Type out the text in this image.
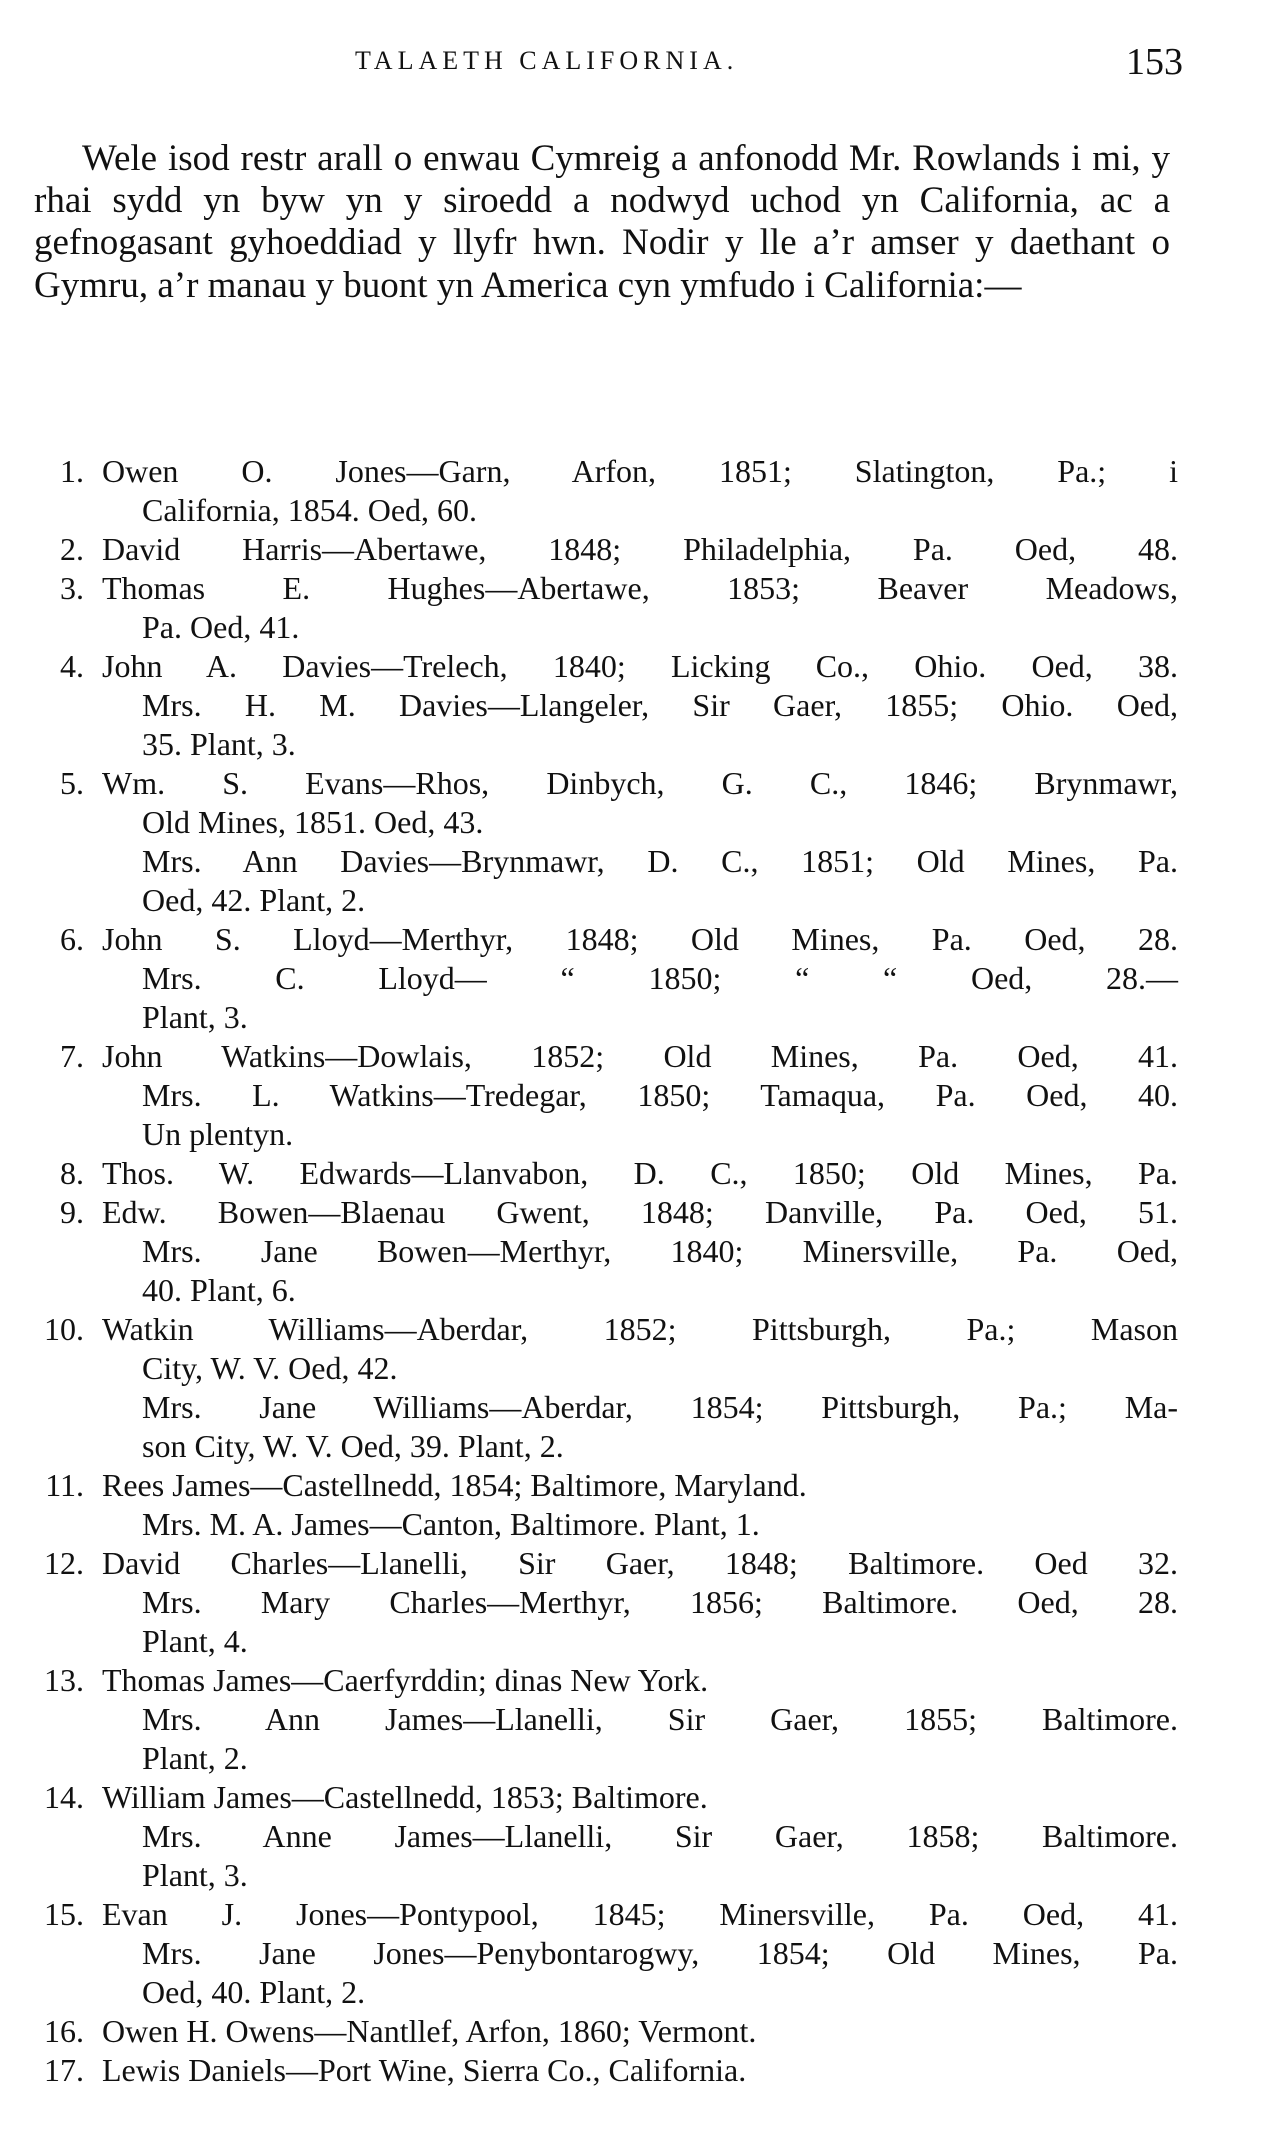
TALAETH CALIFORNIA.	153

Wele isod restr arall o enwau Cymreig a anfonodd Mr. Rowlands i mi, y rhai sydd yn byw yn y siroedd a nodwyd uchod yn California, ac a gefnogasant gyhoeddiad y llyfr hwn. Nodir y lle a’r amser y daethant o Gymru, a’r manau y buont yn America cyn ymfudo i California:—

1. Owen O. Jones—Garn, Arfon, 1851; Slatington, Pa.; i
California, 1854. Oed, 60.
2. David Harris—Abertawe, 1848; Philadelphia, Pa. Oed, 48.
3. Thomas E. Hughes—Abertawe, 1853; Beaver Meadows,
Pa. Oed, 41.
4. John A. Davies—Trelech, 1840; Licking Co., Ohio. Oed, 38.
Mrs. H. M. Davies—Llangeler, Sir Gaer, 1855; Ohio. Oed,
35. Plant, 3.
5. Wm. S. Evans—Rhos, Dinbych, G. C., 1846; Brynmawr,
Old Mines, 1851. Oed, 43.
Mrs. Ann Davies—Brynmawr, D. C., 1851; Old Mines, Pa.
Oed, 42. Plant, 2.
6. John S. Lloyd—Merthyr, 1848; Old Mines, Pa. Oed, 28.
Mrs. C. Lloyd— “ 1850; “ “ Oed, 28.—
Plant, 3.
7. John Watkins—Dowlais, 1852; Old Mines, Pa. Oed, 41.
Mrs. L. Watkins—Tredegar, 1850; Tamaqua, Pa. Oed, 40.
Un plentyn.
8. Thos. W. Edwards—Llanvabon, D. C., 1850; Old Mines, Pa.
9. Edw. Bowen—Blaenau Gwent, 1848; Danville, Pa. Oed, 51.
Mrs. Jane Bowen—Merthyr, 1840; Minersville, Pa. Oed,
40. Plant, 6.
10. Watkin Williams—Aberdar, 1852; Pittsburgh, Pa.; Mason
City, W. V. Oed, 42.
Mrs. Jane Williams—Aberdar, 1854; Pittsburgh, Pa.; Ma-
son City, W. V. Oed, 39. Plant, 2.
11. Rees James—Castellnedd, 1854; Baltimore, Maryland.
Mrs. M. A. James—Canton, Baltimore. Plant, 1.
12. David Charles—Llanelli, Sir Gaer, 1848; Baltimore. Oed 32.
Mrs. Mary Charles—Merthyr, 1856; Baltimore. Oed, 28.
Plant, 4.
13. Thomas James—Caerfyrddin; dinas New York.
Mrs. Ann James—Llanelli, Sir Gaer, 1855; Baltimore.
Plant, 2.
14. William James—Castellnedd, 1853; Baltimore.
Mrs. Anne James—Llanelli, Sir Gaer, 1858; Baltimore.
Plant, 3.
15. Evan J. Jones—Pontypool, 1845; Minersville, Pa. Oed, 41.
Mrs. Jane Jones—Penybontarogwy, 1854; Old Mines, Pa.
Oed, 40. Plant, 2.
16. Owen H. Owens—Nantllef, Arfon, 1860; Vermont.
17. Lewis Daniels—Port Wine, Sierra Co., California.
